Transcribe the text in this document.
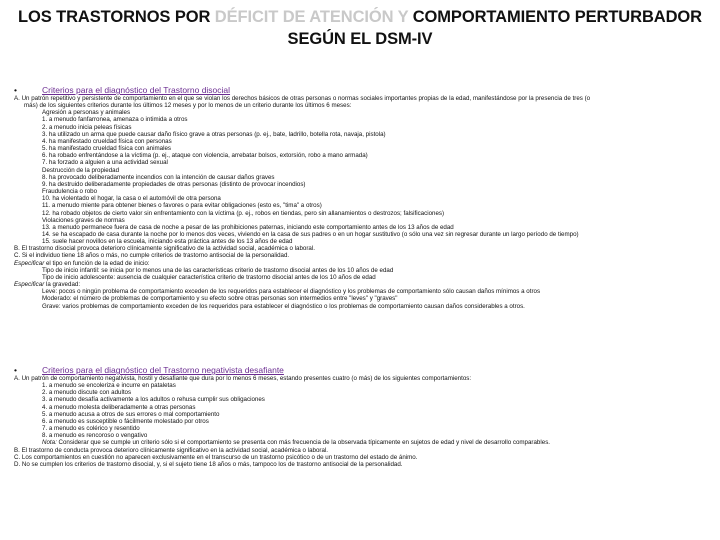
LOS TRASTORNOS POR DÉFICIT DE ATENCIÓN Y COMPORTAMIENTO PERTURBADOR
SEGÚN EL DSM-IV
•	Criterios para el diagnóstico del Trastorno disocial
A. Un patrón repetitivo y persistente de comportamiento en el que se violan los derechos básicos de otras personas o normas sociales importantes propias de la edad, manifestándose por la presencia de tres (o
más) de los siguientes criterios durante los últimos 12 meses y por lo menos de un criterio durante los últimos 6 meses:
Agresión a personas y animales
1. a menudo fanfarronea, amenaza o intimida a otros
2. a menudo inicia peleas físicas
3. ha utilizado un arma que puede causar daño físico grave a otras personas (p. ej., bate, ladrillo, botella rota, navaja, pistola)
4. ha manifestado crueldad física con personas
5. ha manifestado crueldad física con animales
6. ha robado enfrentándose a la víctima (p. ej., ataque con violencia, arrebatar bolsos, extorsión, robo a mano armada)
7. ha forzado a alguien a una actividad sexual
Destrucción de la propiedad
8. ha provocado deliberadamente incendios con la intención de causar daños graves
9. ha destruido deliberadamente propiedades de otras personas (distinto de provocar incendios)
Fraudulencia o robo
10. ha violentado el hogar, la casa o el automóvil de otra persona
11. a menudo miente para obtener bienes o favores o para evitar obligaciones (esto es, "tima" a otros)
12. ha robado objetos de cierto valor sin enfrentamiento con la víctima (p. ej., robos en tiendas, pero sin allanamientos o destrozos; falsificaciones)
Violaciones graves de normas
13. a menudo permanece fuera de casa de noche a pesar de las prohibiciones paternas, iniciando este comportamiento antes de los 13 años de edad
14. se ha escapado de casa durante la noche por lo menos dos veces, viviendo en la casa de sus padres o en un hogar sustitutivo (o sólo una vez sin regresar durante un largo período de tiempo)
15. suele hacer novillos en la escuela, iniciando esta práctica antes de los 13 años de edad
B. El trastorno disocial provoca deterioro clínicamente significativo de la actividad social, académica o laboral.
C. Si el individuo tiene 18 años o más, no cumple criterios de trastorno antisocial de la personalidad.
Especificar el tipo en función de la edad de inicio:
Tipo de inicio infantil: se inicia por lo menos una de las características criterio de trastorno disocial antes de los 10 años de edad
Tipo de inicio adolescente: ausencia de cualquier característica criterio de trastorno disocial antes de los 10 años de edad
Especificar la gravedad:
Leve: pocos o ningún problema de comportamiento exceden de los requeridos para establecer el diagnóstico y los problemas de comportamiento sólo causan daños mínimos a otros
Moderado: el número de problemas de comportamiento y su efecto sobre otras personas son intermedios entre "leves" y "graves"
Grave: varios problemas de comportamiento exceden de los requeridos para establecer el diagnóstico o los problemas de comportamiento causan daños considerables a otros.
•	Criterios para el diagnóstico del Trastorno negativista desafiante
A. Un patrón de comportamiento negativista, hostil y desafiante que dura por lo menos 6 meses, estando presentes cuatro (o más) de los siguientes comportamientos:
1. a menudo se encoleriza e incurre en pataletas
2. a menudo discute con adultos
3. a menudo desafía activamente a los adultos o rehusa cumplir sus obligaciones
4. a menudo molesta deliberadamente a otras personas
5. a menudo acusa a otros de sus errores o mal comportamiento
6. a menudo es susceptible o fácilmente molestado por otros
7. a menudo es colérico y resentido
8. a menudo es rencoroso o vengativo
Nota: Considerar que se cumple un criterio sólo si el comportamiento se presenta con más frecuencia de la observada típicamente en sujetos de edad y nivel de desarrollo comparables.
B. El trastorno de conducta provoca deterioro clínicamente significativo en la actividad social, académica o laboral.
C. Los comportamientos en cuestión no aparecen exclusivamente en el transcurso de un trastorno psicótico o de un trastorno del estado de ánimo.
D. No se cumplen los criterios de trastorno disocial, y, si el sujeto tiene 18 años o más, tampoco los de trastorno antisocial de la personalidad.
